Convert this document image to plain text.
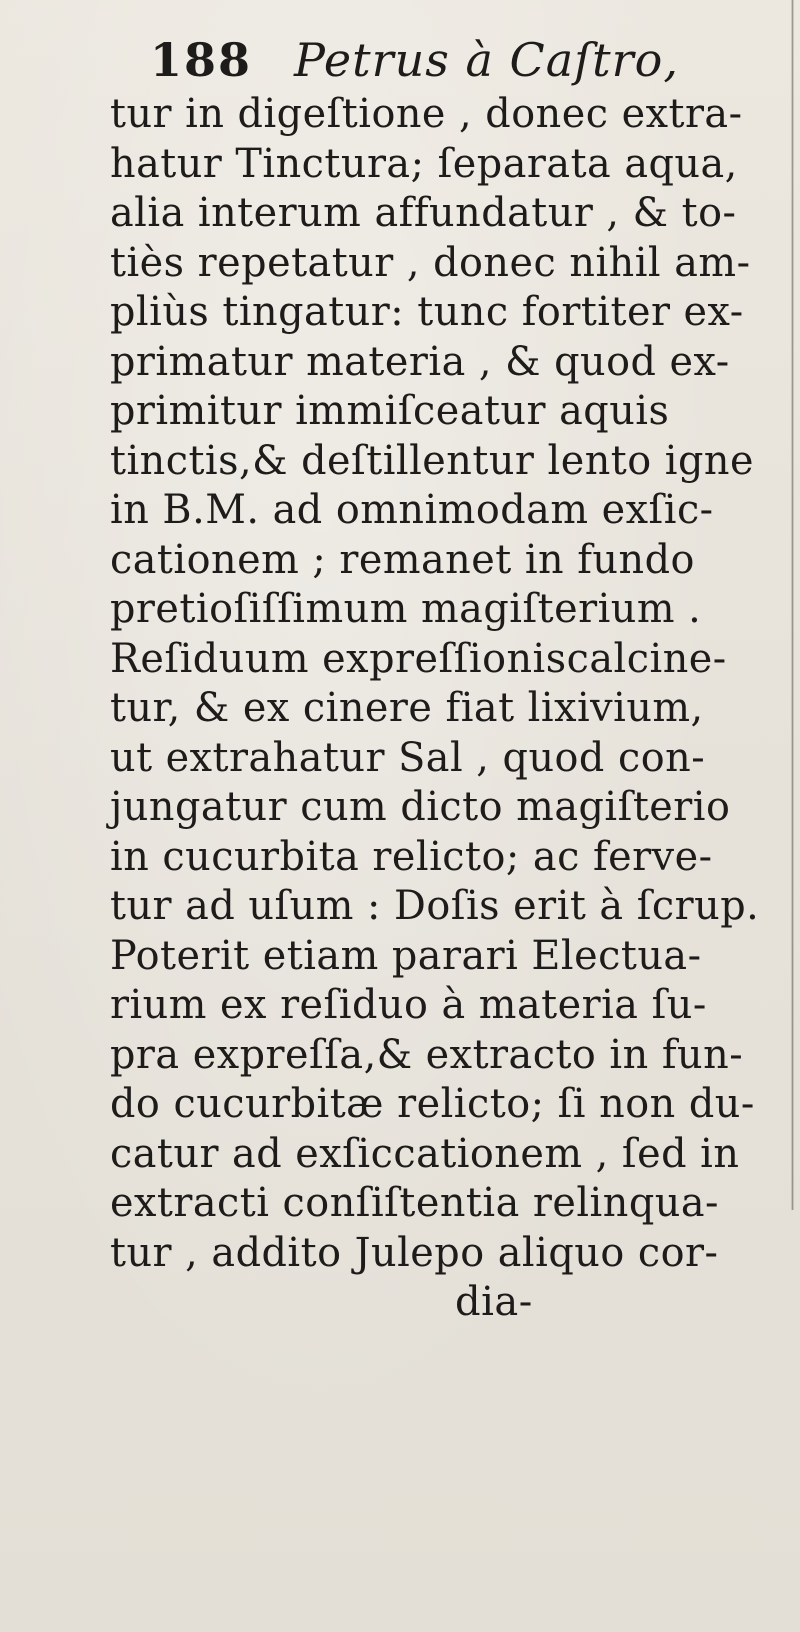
188 Petrus à Caſtro,
tur in digeſtione , donec extra-
hatur Tinctura; ſeparata aqua,
alia interum affundatur , & to-
tiès repetatur , donec nihil am-
pliùs tingatur: tunc fortiter ex-
primatur materia , & quod ex-
primitur immiſceatur aquis
tinctis,& deſtillentur lento igne
in B.M. ad omnimodam exſic-
cationem ; remanet in fundo
pretioſiſſimum magiſterium .
Reſiduum expreſſioniscalcine-
tur, & ex cinere fiat lixivium,
ut extrahatur Sal , quod con-
jungatur cum dicto magiſterio
in cucurbita relicto; ac ferve-
tur ad uſum : Doſis erit à ſcrup.
Poterit etiam parari Electua-
rium ex reſiduo à materia ſu-
pra expreſſa,& extracto in fun-
do cucurbitæ relicto; ſi non du-
catur ad exſiccationem , ſed in
extracti conſiſtentia relinqua-
tur , addito Julepo aliquo cor-
dia-
